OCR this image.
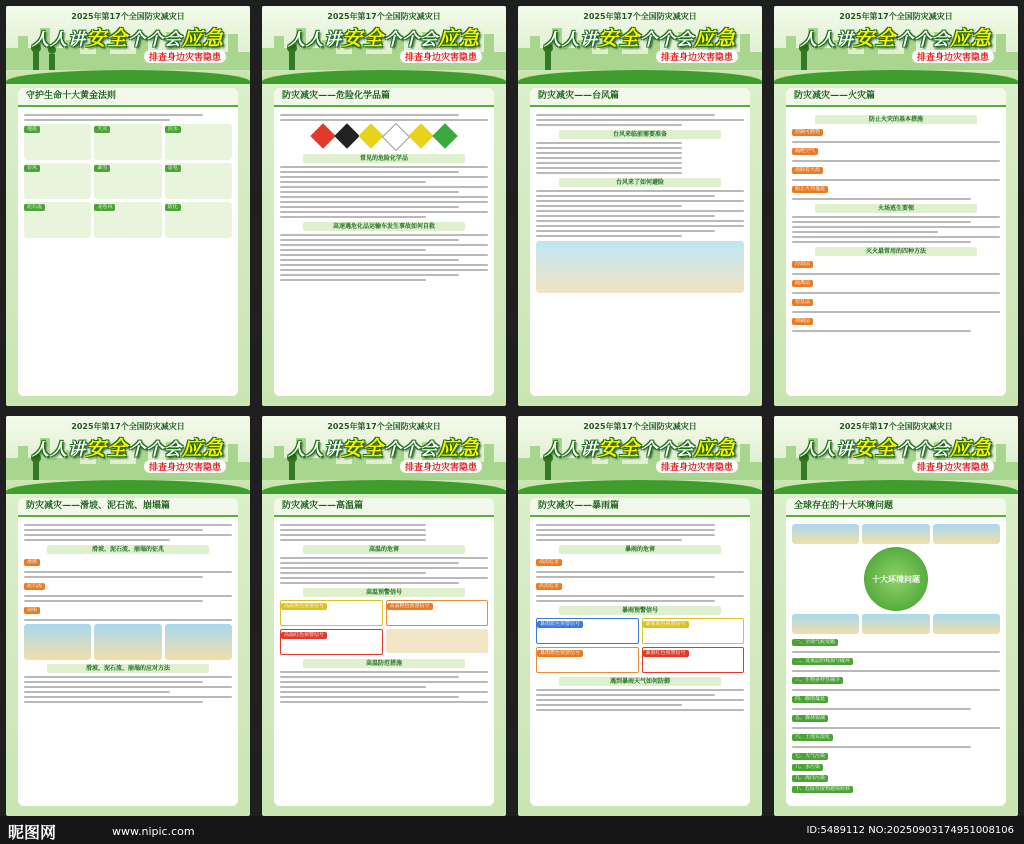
2025年第17个全国防灾减灾日
人人讲安全个个会应急
排查身边灾害隐患
守护生命十大黄金法则
地震	火灾	洪水
台风	暴雪	雷电
泥石流	龙卷风	防化
2025年第17个全国防灾减灾日
人人讲安全个个会应急
排查身边灾害隐患
防灾减灾——危险化学品篇
常见的危险化学品
高速遇危化品运输车发生事故如何自救
2025年第17个全国防灾减灾日
人人讲安全个个会应急
排查身边灾害隐患
防灾减灾——台风篇
台风来临前需要准备
台风来了如何避险
2025年第17个全国防灾减灾日
人人讲安全个个会应急
排查身边灾害隐患
防灾减灾——火灾篇
防止火灾的基本措施
控制可燃物
隔绝空气
消除着火源
阻止火势蔓延
火场逃生要领
灭火最常用的四种方法
冷却法
隔离法
窒息法
抑制法
2025年第17个全国防灾减灾日
人人讲安全个个会应急
排查身边灾害隐患
防灾减灾——滑坡、泥石流、崩塌篇
滑坡、泥石流、崩塌的征兆
滑坡
泥石流
崩塌
滑坡、泥石流、崩塌的应对方法
2025年第17个全国防灾减灾日
人人讲安全个个会应急
排查身边灾害隐患
防灾减灾——高温篇
高温的危害
高温预警信号
高温黄色预警信号	高温橙色预警信号
高温红色预警信号
高温防范措施
2025年第17个全国防灾减灾日
人人讲安全个个会应急
排查身边灾害隐患
防灾减灾——暴雨篇
暴雨的危害
渍涝危害
洪涝危害
暴雨预警信号
暴雨蓝色预警信号	暴雨黄色预警信号
暴雨橙色预警信号	暴雨红色预警信号
遇到暴雨天气如何防御
2025年第17个全国防灾减灾日
人人讲安全个个会应急
排查身边灾害隐患
全球存在的十大环境问题
十大环境问题
一、全球气候变暖
二、臭氧层的耗损与破坏
三、生物多样性减少
四、酸雨蔓延
五、森林锐减
六、土地荒漠化
七、大气污染
八、水污染
九、海洋污染
十、危险性废物越境转移
昵图网	www.nipic.com	ID:5489112 NO:20250903174951008106
